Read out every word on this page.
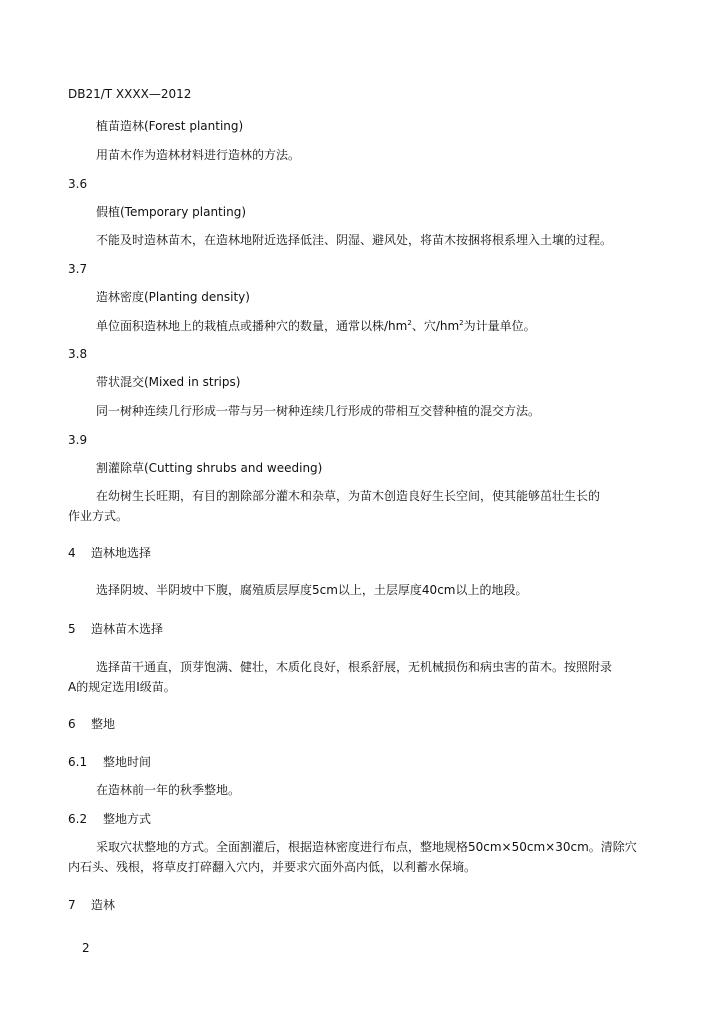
DB21/T XXXX—2012
植苗造林(Forest planting)
用苗木作为造林材料进行造林的方法。
3.6
假植(Temporary planting)
不能及时造林苗木，在造林地附近选择低洼、阴湿、避风处，将苗木按捆将根系埋入土壤的过程。
3.7
造林密度(Planting density)
单位面积造林地上的栽植点或播种穴的数量，通常以株$/hm^2$、穴$/hm^2$为计量单位。
3.8
带状混交(Mixed in strips)
同一树种连续几行形成一带与另一树种连续几行形成的带相互交替种植的混交方法。
3.9
割灌除草(Cutting shrubs and weeding)
在幼树生长旺期，有目的割除部分灌木和杂草，为苗木创造良好生长空间，使其能够茁壮生长的
作业方式。
4 造林地选择
选择阴坡、半阴坡中下腹，腐殖质层厚度5cm以上，土层厚度40cm以上的地段。
5 造林苗木选择
选择苗干通直，顶芽饱满、健壮，木质化良好，根系舒展，无机械损伤和病虫害的苗木。按照附录
A的规定选用Ⅰ级苗。
6 整地
6.1 整地时间
在造林前一年的秋季整地。
6.2 整地方式
采取穴状整地的方式。全面割灌后，根据造林密度进行布点，整地规格50cm×50cm×30cm。清除穴
内石头、残根，将草皮打碎翻入穴内，并要求穴面外高内低，以利蓄水保墒。
7 造林
2
